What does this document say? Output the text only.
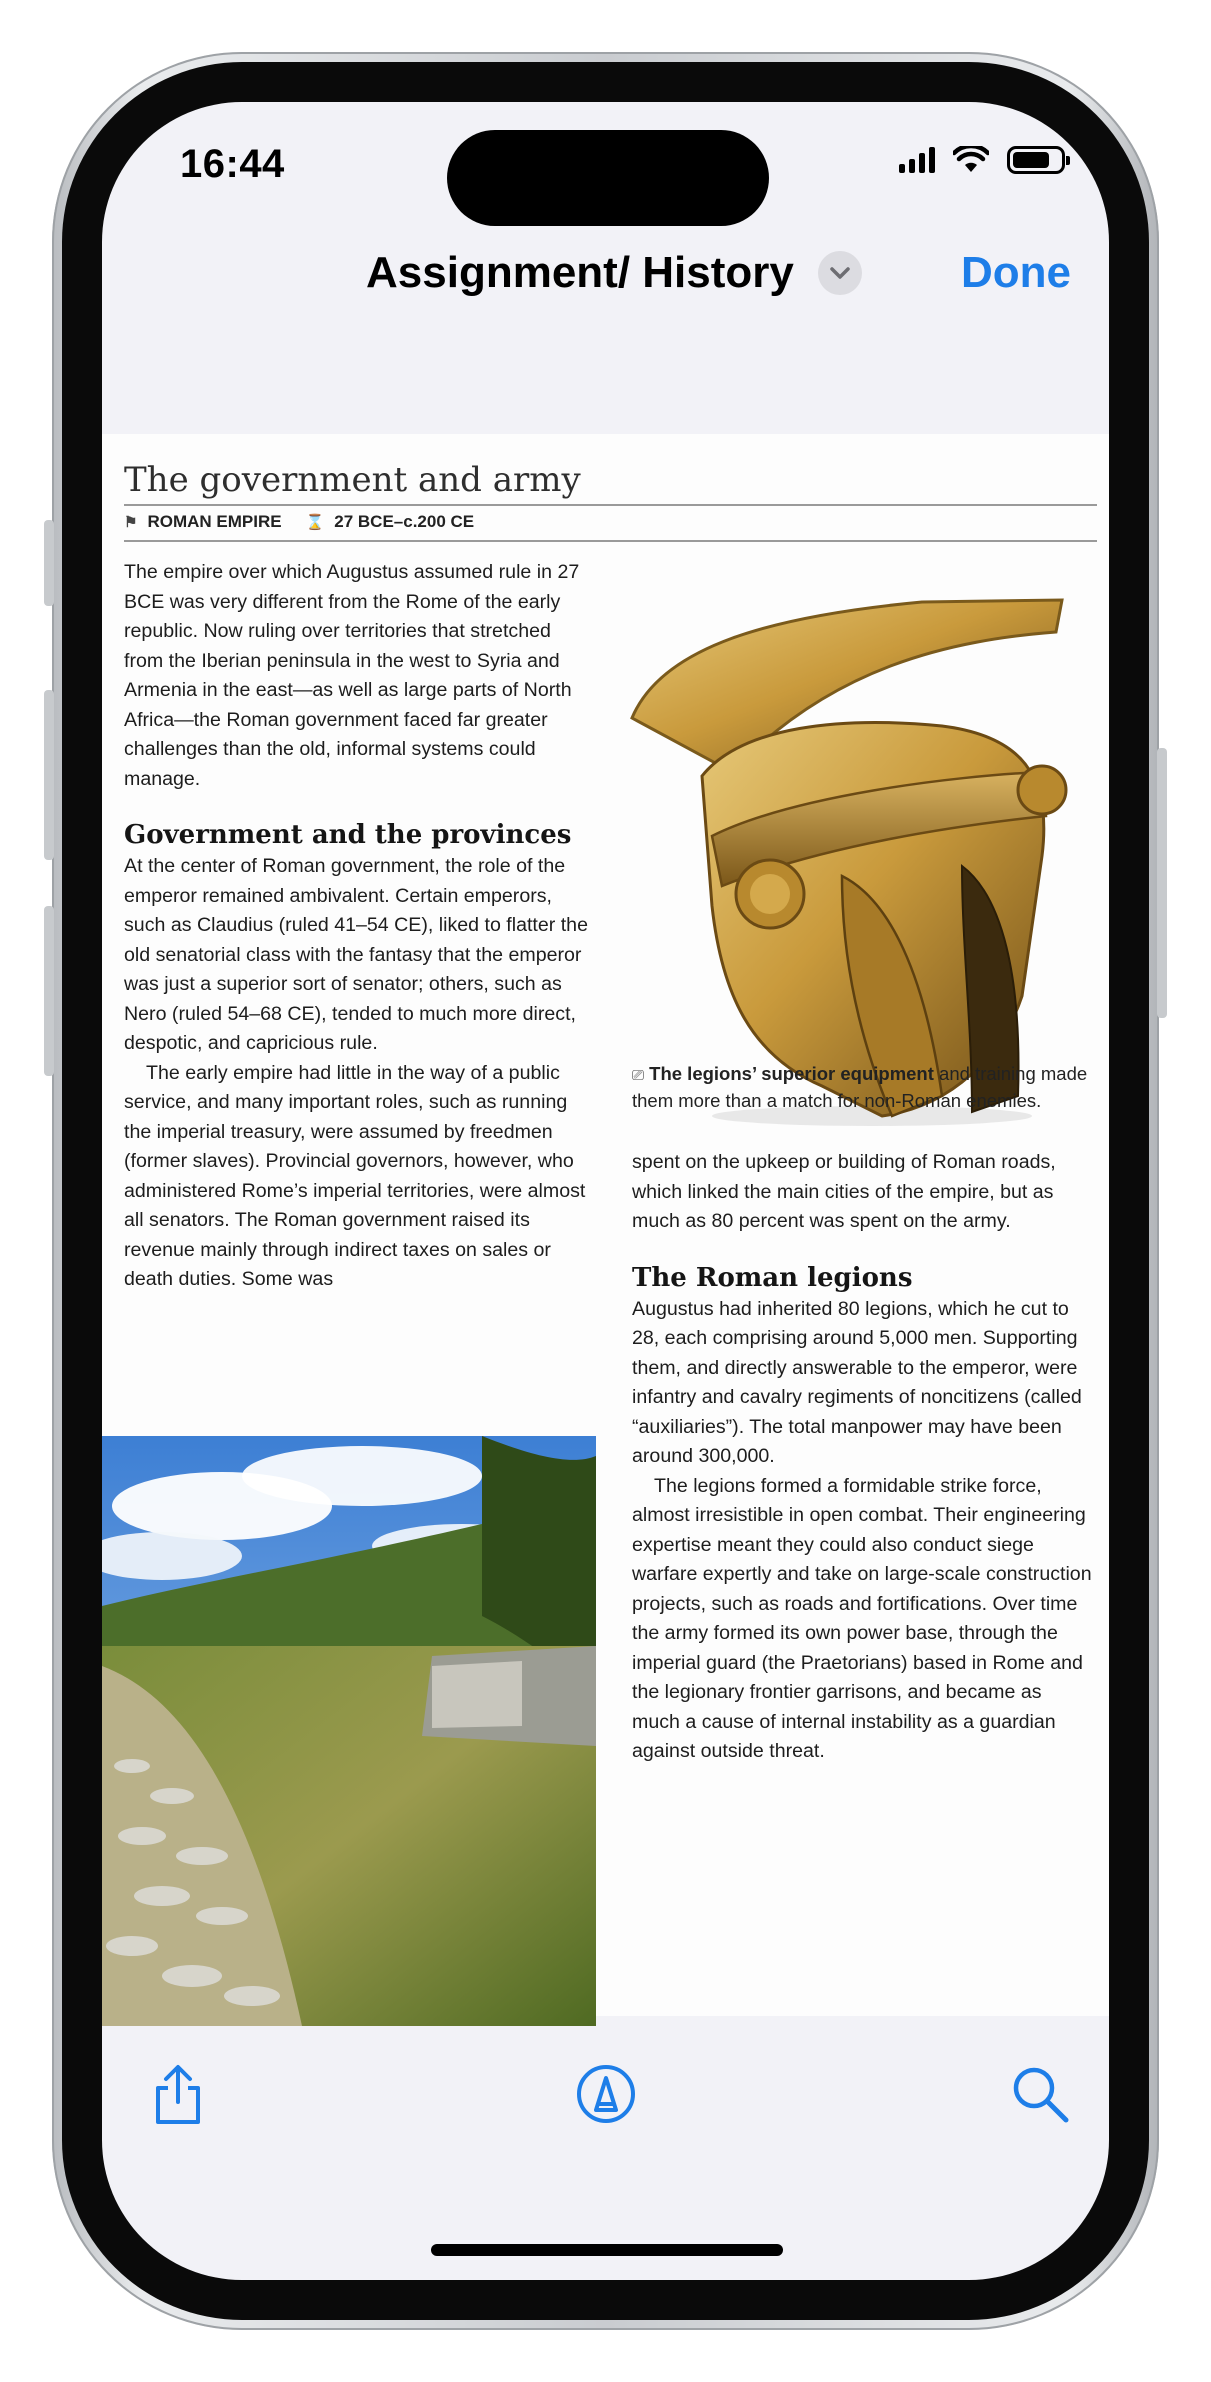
16:44
Assignment/ History	Done
The government and army
⚑ ROMAN EMPIRE ⌛ 27 BCE–c.200 CE

The empire over which Augustus assumed rule in 27 BCE was very different from the Rome of the early republic. Now ruling over territories that stretched from the Iberian peninsula in the west to Syria and Armenia in the east—as well as large parts of North Africa—the Roman government faced far greater challenges than the old, informal systems could manage.

Government and the provinces

At the center of Roman government, the role of the emperor remained ambivalent. Certain emperors, such as Claudius (ruled 41–54 CE), liked to flatter the old senatorial class with the fantasy that the emperor was just a superior sort of senator; others, such as Nero (ruled 54–68 CE), tended to much more direct, despotic, and capricious rule.

The early empire had little in the way of a public service, and many important roles, such as running the imperial treasury, were assumed by freedmen (former slaves). Provincial governors, however, who administered Rome’s imperial territories, were almost all senators. The Roman government raised its revenue mainly through indirect taxes on sales or death duties. Some was

⎚ The legions’ superior equipment and training made them more than a match for non-Roman enemies.

spent on the upkeep or building of Roman roads, which linked the main cities of the empire, but as much as 80 percent was spent on the army.

The Roman legions

Augustus had inherited 80 legions, which he cut to 28, each comprising around 5,000 men. Supporting them, and directly answerable to the emperor, were infantry and cavalry regiments of noncitizens (called “auxiliaries”). The total manpower may have been around 300,000.

The legions formed a formidable strike force, almost irresistible in open combat. Their engineering expertise meant they could also conduct siege warfare expertly and take on large-scale construction projects, such as roads and fortifications. Over time the army formed its own power base, through the imperial guard (the Praetorians) based in Rome and the legionary frontier garrisons, and became as much a cause of internal instability as a guardian against outside threat.
